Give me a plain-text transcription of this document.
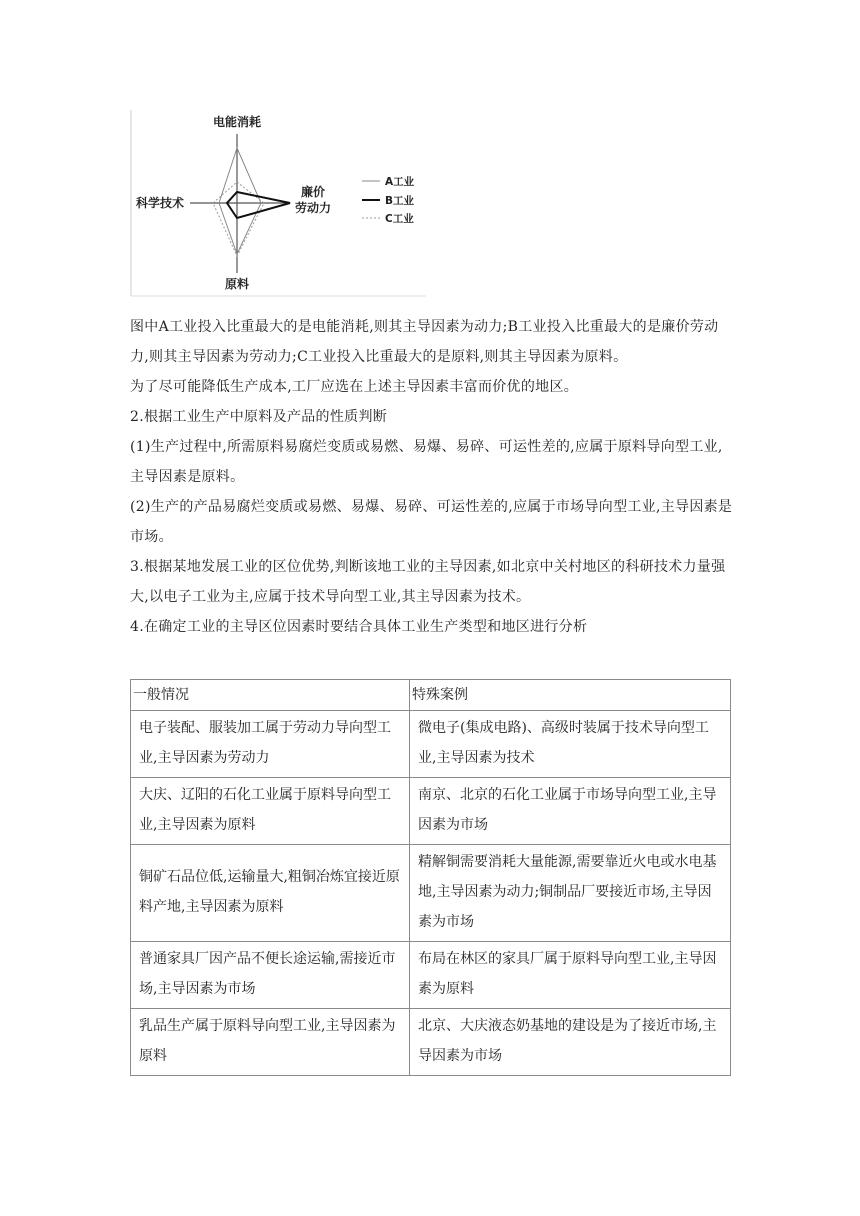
电能消耗
廉价
劳动力
原料
科学技术
A工业
B工业
C工业
图中A工业投入比重最大的是电能消耗,则其主导因素为动力;B工业投入比重最大的是廉价劳动力,则其主导因素为劳动力;C工业投入比重最大的是原料,则其主导因素为原料。
为了尽可能降低生产成本,工厂应选在上述主导因素丰富而价优的地区。
2.根据工业生产中原料及产品的性质判断
(1)生产过程中,所需原料易腐烂变质或易燃、易爆、易碎、可运性差的,应属于原料导向型工业,主导因素是原料。
(2)生产的产品易腐烂变质或易燃、易爆、易碎、可运性差的,应属于市场导向型工业,主导因素是市场。
3.根据某地发展工业的区位优势,判断该地工业的主导因素,如北京中关村地区的科研技术力量强大,以电子工业为主,应属于技术导向型工业,其主导因素为技术。
4.在确定工业的主导区位因素时要结合具体工业生产类型和地区进行分析
一般情况	特殊案例
电子装配、服装加工属于劳动力导向型工业,主导因素为劳动力	微电子(集成电路)、高级时装属于技术导向型工业,主导因素为技术
大庆、辽阳的石化工业属于原料导向型工业,主导因素为原料	南京、北京的石化工业属于市场导向型工业,主导因素为市场
铜矿石品位低,运输量大,粗铜冶炼宜接近原料产地,主导因素为原料	精解铜需要消耗大量能源,需要靠近火电或水电基地,主导因素为动力;铜制品厂要接近市场,主导因素为市场
普通家具厂因产品不便长途运输,需接近市场,主导因素为市场	布局在林区的家具厂属于原料导向型工业,主导因素为原料
乳品生产属于原料导向型工业,主导因素为原料	北京、大庆液态奶基地的建设是为了接近市场,主导因素为市场
